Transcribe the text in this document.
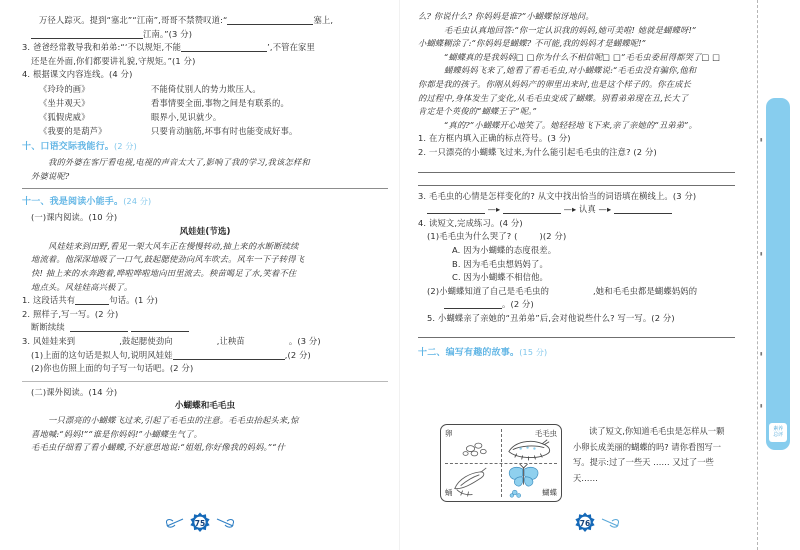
万径人踪灭。提到“塞北”“江南”,哥哥不禁赞叹道:“	塞上,
江南。”(3 分)
3. 爸爸经常教导我和弟弟:“‘不以规矩,不能	’,不管在家里
还是在外面,你们都要讲礼貌,守规矩。”(1 分)
4. 根据课文内容连线。(4 分)
《玲玲的画》	不能倚仗别人的势力欺压人。
《坐井观天》	看事情要全面,事物之间是有联系的。
《狐假虎威》	眼界小,见识就少。
《我要的是葫芦》	只要肯动脑筋,坏事有时也能变成好事。
十、口语交际我能行。(2 分)
我的外婆在客厅看电视,电视的声音太大了,影响了我的学习,我该怎样和
外婆说呢?
十一、我是阅读小能手。(24 分)
(一)课内阅读。(10 分)
风娃娃(节选)
风娃娃来到田野,看见一架大风车正在慢慢转动,抽上来的水断断续续
地流着。他深深地吸了一口气,鼓起腮使劲向风车吹去。风车一下子转得飞
快! 抽上来的水奔跑着,哗啦哗啦地向田里流去。秧苗喝足了水,笑着不住
地点头。风娃娃高兴极了。
1. 这段话共有	句话。(1 分)
2. 照样子,写一写。(2 分)
断断续续
3. 风娃娃来到	,鼓起腮使劲向	,让秧苗	。(3 分)
(1)上面的这句话是拟人句,说明风娃娃	,(2 分)
(2)你也仿照上面的句子写一句话吧。(2 分)
(二)课外阅读。(14 分)
小蝴蝶和毛毛虫
一只漂亮的小蝴蝶飞过来,引起了毛毛虫的注意。毛毛虫抬起头来,惊
喜地喊:“妈妈!”“谁是你妈妈!”小蝴蝶生气了。
毛毛虫仔细看了看小蝴蝶,不好意思地说:“姐姐,你好像我的妈妈。”“什
么? 你说什么? 你妈妈是谁?”小蝴蝶惊讶地问。
毛毛虫认真地回答:“你一定认识我的妈妈,她可美啦! 她就是蝴蝶呀!”
小蝴蝶糊涂了:“你妈妈是蝴蝶? 不可能,我的妈妈才是蝴蝶呢!”
“蝴蝶真的是我妈妈□ □你为什么不相信呢□ □”毛毛虫委屈得都哭了□ □
蝴蝶妈妈飞来了,她看了看毛毛虫,对小蝴蝶说:“毛毛虫没有骗你,他和
你都是我的孩子。你刚从妈妈产的卵里出来时,也是这个样子的。你在成长
的过程中,身体发生了变化,从毛毛虫变成了蝴蝶。别看弟弟现在丑,长大了
肯定是个英俊的“蝴蝶王子”呢。”
“真的?”小蝴蝶开心地笑了。她轻轻地飞下来,亲了亲她的“丑弟弟”。
1. 在方框内填入正确的标点符号。(3 分)
2. 一只漂亮的小蝴蝶飞过来,为什么能引起毛毛虫的注意? (2 分)
3. 毛毛虫的心情是怎样变化的? 从文中找出恰当的词语填在横线上。(3 分)
—▸	—▸ 认真 —▸
4. 读短文,完成练习。(4 分)
(1)毛毛虫为什么哭了? (	)(2 分)
A. 因为小蝴蝶的态度很差。
B. 因为毛毛虫想妈妈了。
C. 因为小蝴蝶不相信他。
(2)小蝴蝶知道了自己是毛毛虫的	,她和毛毛虫都是蝴蝶妈妈的
。(2 分)
5. 小蝴蝶亲了亲她的“丑弟弟”后,会对他说些什么? 写一写。(2 分)
十二、编写有趣的故事。(15 分)
卵	毛毛虫
蛹	蝴蝶
读了短文,你知道毛毛虫是怎样从一颗
小卵长成美丽的蝴蝶的吗? 请你看图写一
写。提示:过了一些天 …… 又过了一些
天……

75
	76

▮
▮
▮
▮
素养
总评
